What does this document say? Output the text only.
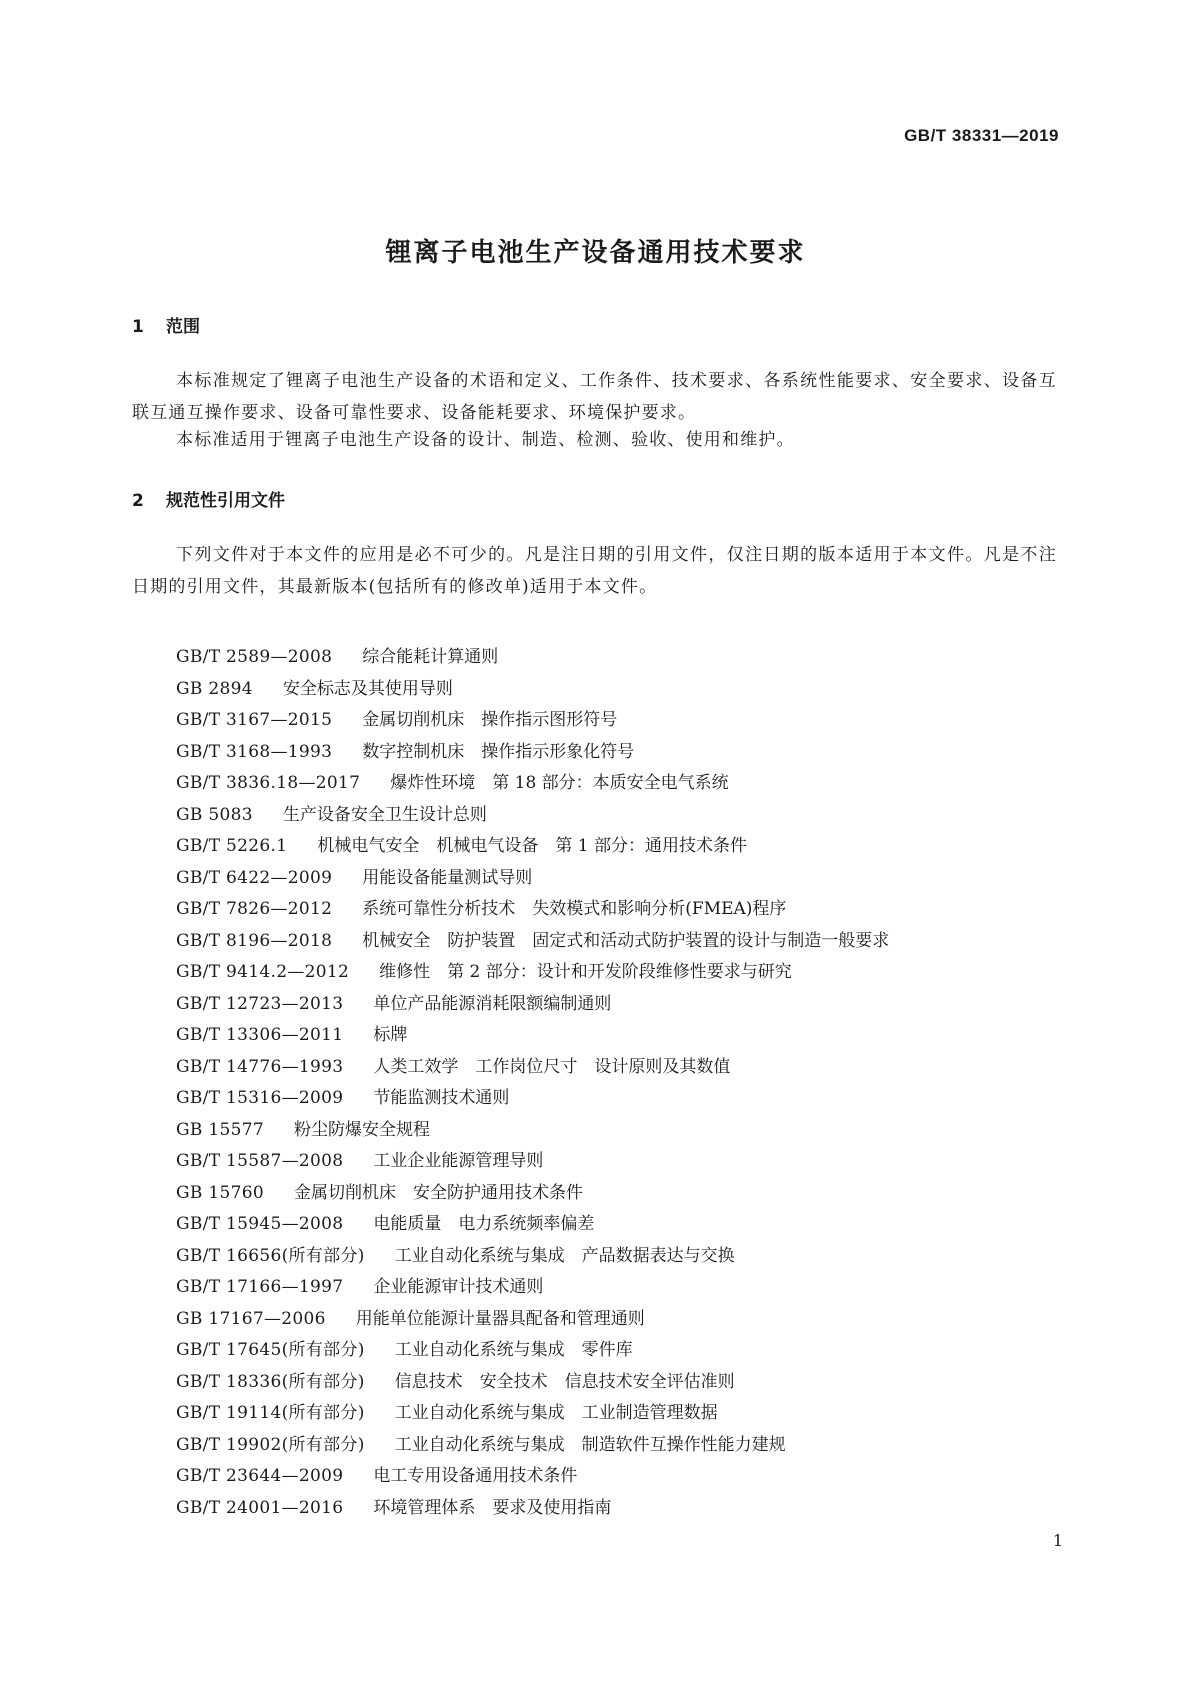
GB/T 38331—2019
锂离子电池生产设备通用技术要求
1 范围
本标准规定了锂离子电池生产设备的术语和定义、工作条件、技术要求、各系统性能要求、安全要求、设备互联互通互操作要求、设备可靠性要求、设备能耗要求、环境保护要求。
本标准适用于锂离子电池生产设备的设计、制造、检测、验收、使用和维护。
2 规范性引用文件
下列文件对于本文件的应用是必不可少的。凡是注日期的引用文件，仅注日期的版本适用于本文件。凡是不注日期的引用文件，其最新版本(包括所有的修改单)适用于本文件。
GB/T 2589—2008 综合能耗计算通则
GB 2894 安全标志及其使用导则
GB/T 3167—2015 金属切削机床　操作指示图形符号
GB/T 3168—1993 数字控制机床　操作指示形象化符号
GB/T 3836.18—2017 爆炸性环境　第 18 部分：本质安全电气系统
GB 5083 生产设备安全卫生设计总则
GB/T 5226.1 机械电气安全　机械电气设备　第 1 部分：通用技术条件
GB/T 6422—2009 用能设备能量测试导则
GB/T 7826—2012 系统可靠性分析技术　失效模式和影响分析(FMEA)程序
GB/T 8196—2018 机械安全　防护装置　固定式和活动式防护装置的设计与制造一般要求
GB/T 9414.2—2012 维修性　第 2 部分：设计和开发阶段维修性要求与研究
GB/T 12723—2013 单位产品能源消耗限额编制通则
GB/T 13306—2011 标牌
GB/T 14776—1993 人类工效学　工作岗位尺寸　设计原则及其数值
GB/T 15316—2009 节能监测技术通则
GB 15577 粉尘防爆安全规程
GB/T 15587—2008 工业企业能源管理导则
GB 15760 金属切削机床　安全防护通用技术条件
GB/T 15945—2008 电能质量　电力系统频率偏差
GB/T 16656(所有部分) 工业自动化系统与集成　产品数据表达与交换
GB/T 17166—1997 企业能源审计技术通则
GB 17167—2006 用能单位能源计量器具配备和管理通则
GB/T 17645(所有部分) 工业自动化系统与集成　零件库
GB/T 18336(所有部分) 信息技术　安全技术　信息技术安全评估准则
GB/T 19114(所有部分) 工业自动化系统与集成　工业制造管理数据
GB/T 19902(所有部分) 工业自动化系统与集成　制造软件互操作性能力建规
GB/T 23644—2009 电工专用设备通用技术条件
GB/T 24001—2016 环境管理体系　要求及使用指南
1
